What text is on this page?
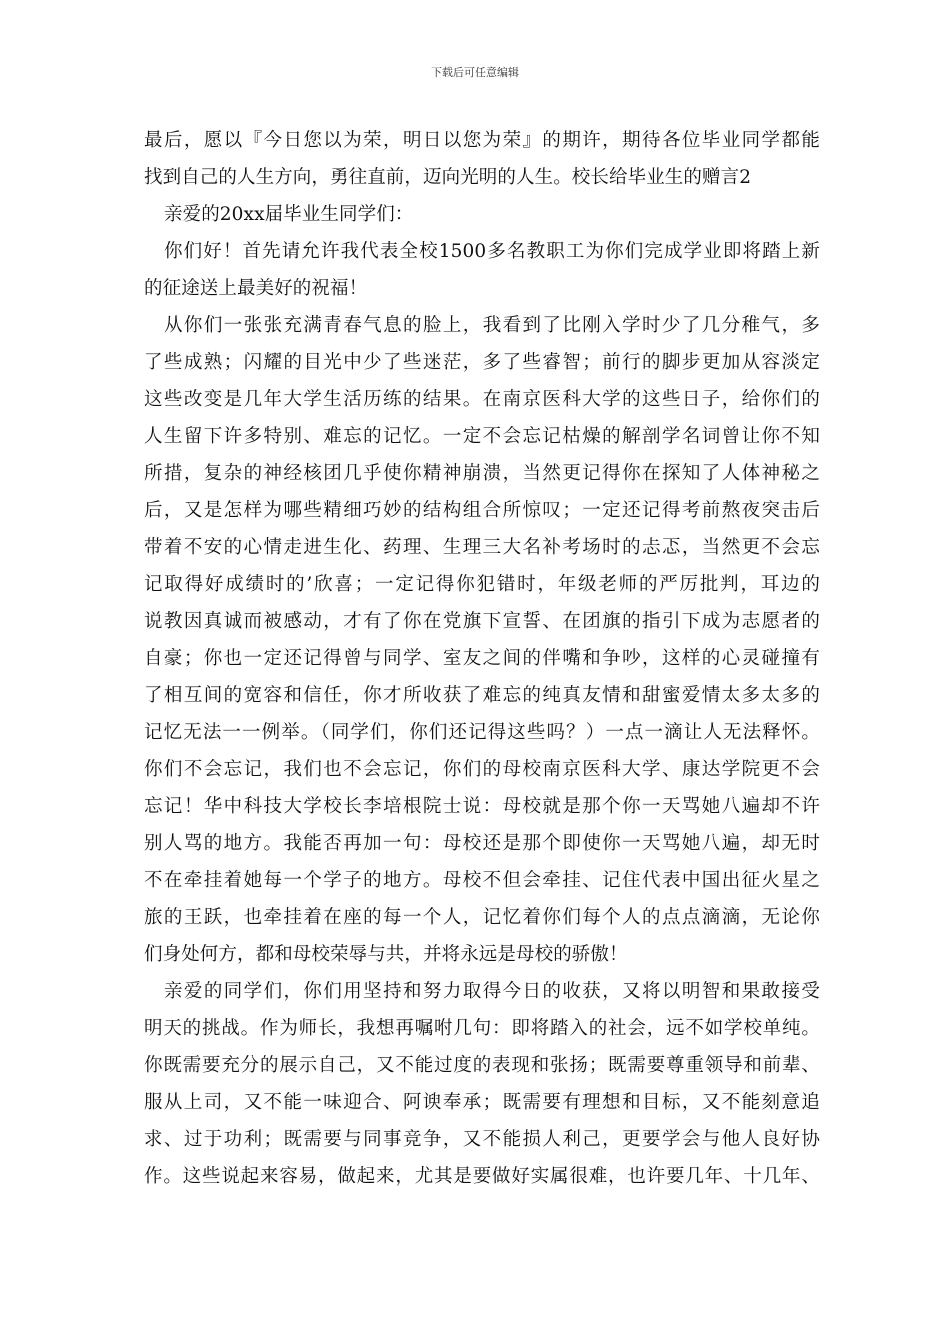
下载后可任意编辑
最后，愿以『今日您以为荣，明日以您为荣』的期许，期待各位毕业同学都能
找到自己的人生方向，勇往直前，迈向光明的人生。校长给毕业生的赠言2
亲爱的20xx届毕业生同学们：
你们好！首先请允许我代表全校1500多名教职工为你们完成学业即将踏上新
的征途送上最美好的祝福！
从你们一张张充满青春气息的脸上，我看到了比刚入学时少了几分稚气，多
了些成熟；闪耀的目光中少了些迷茫，多了些睿智；前行的脚步更加从容淡定
这些改变是几年大学生活历练的结果。在南京医科大学的这些日子，给你们的
人生留下许多特别、难忘的记忆。一定不会忘记枯燥的解剖学名词曾让你不知
所措，复杂的神经核团几乎使你精神崩溃，当然更记得你在探知了人体神秘之
后，又是怎样为哪些精细巧妙的结构组合所惊叹；一定还记得考前熬夜突击后
带着不安的心情走进生化、药理、生理三大名补考场时的忐忑，当然更不会忘
记取得好成绩时的’欣喜；一定记得你犯错时，年级老师的严厉批判，耳边的
说教因真诚而被感动，才有了你在党旗下宣誓、在团旗的指引下成为志愿者的
自豪；你也一定还记得曾与同学、室友之间的伴嘴和争吵，这样的心灵碰撞有
了相互间的宽容和信任，你才所收获了难忘的纯真友情和甜蜜爱情太多太多的
记忆无法一一例举。（同学们，你们还记得这些吗？）一点一滴让人无法释怀。
你们不会忘记，我们也不会忘记，你们的母校南京医科大学、康达学院更不会
忘记！华中科技大学校长李培根院士说：母校就是那个你一天骂她八遍却不许
别人骂的地方。我能否再加一句：母校还是那个即使你一天骂她八遍，却无时
不在牵挂着她每一个学子的地方。母校不但会牵挂、记住代表中国出征火星之
旅的王跃，也牵挂着在座的每一个人，记忆着你们每个人的点点滴滴，无论你
们身处何方，都和母校荣辱与共，并将永远是母校的骄傲！
亲爱的同学们，你们用坚持和努力取得今日的收获，又将以明智和果敢接受
明天的挑战。作为师长，我想再嘱咐几句：即将踏入的社会，远不如学校单纯。
你既需要充分的展示自己，又不能过度的表现和张扬；既需要尊重领导和前辈、
服从上司，又不能一味迎合、阿谀奉承；既需要有理想和目标，又不能刻意追
求、过于功利；既需要与同事竞争，又不能损人利己，更要学会与他人良好协
作。这些说起来容易，做起来，尤其是要做好实属很难，也许要几年、十几年、
